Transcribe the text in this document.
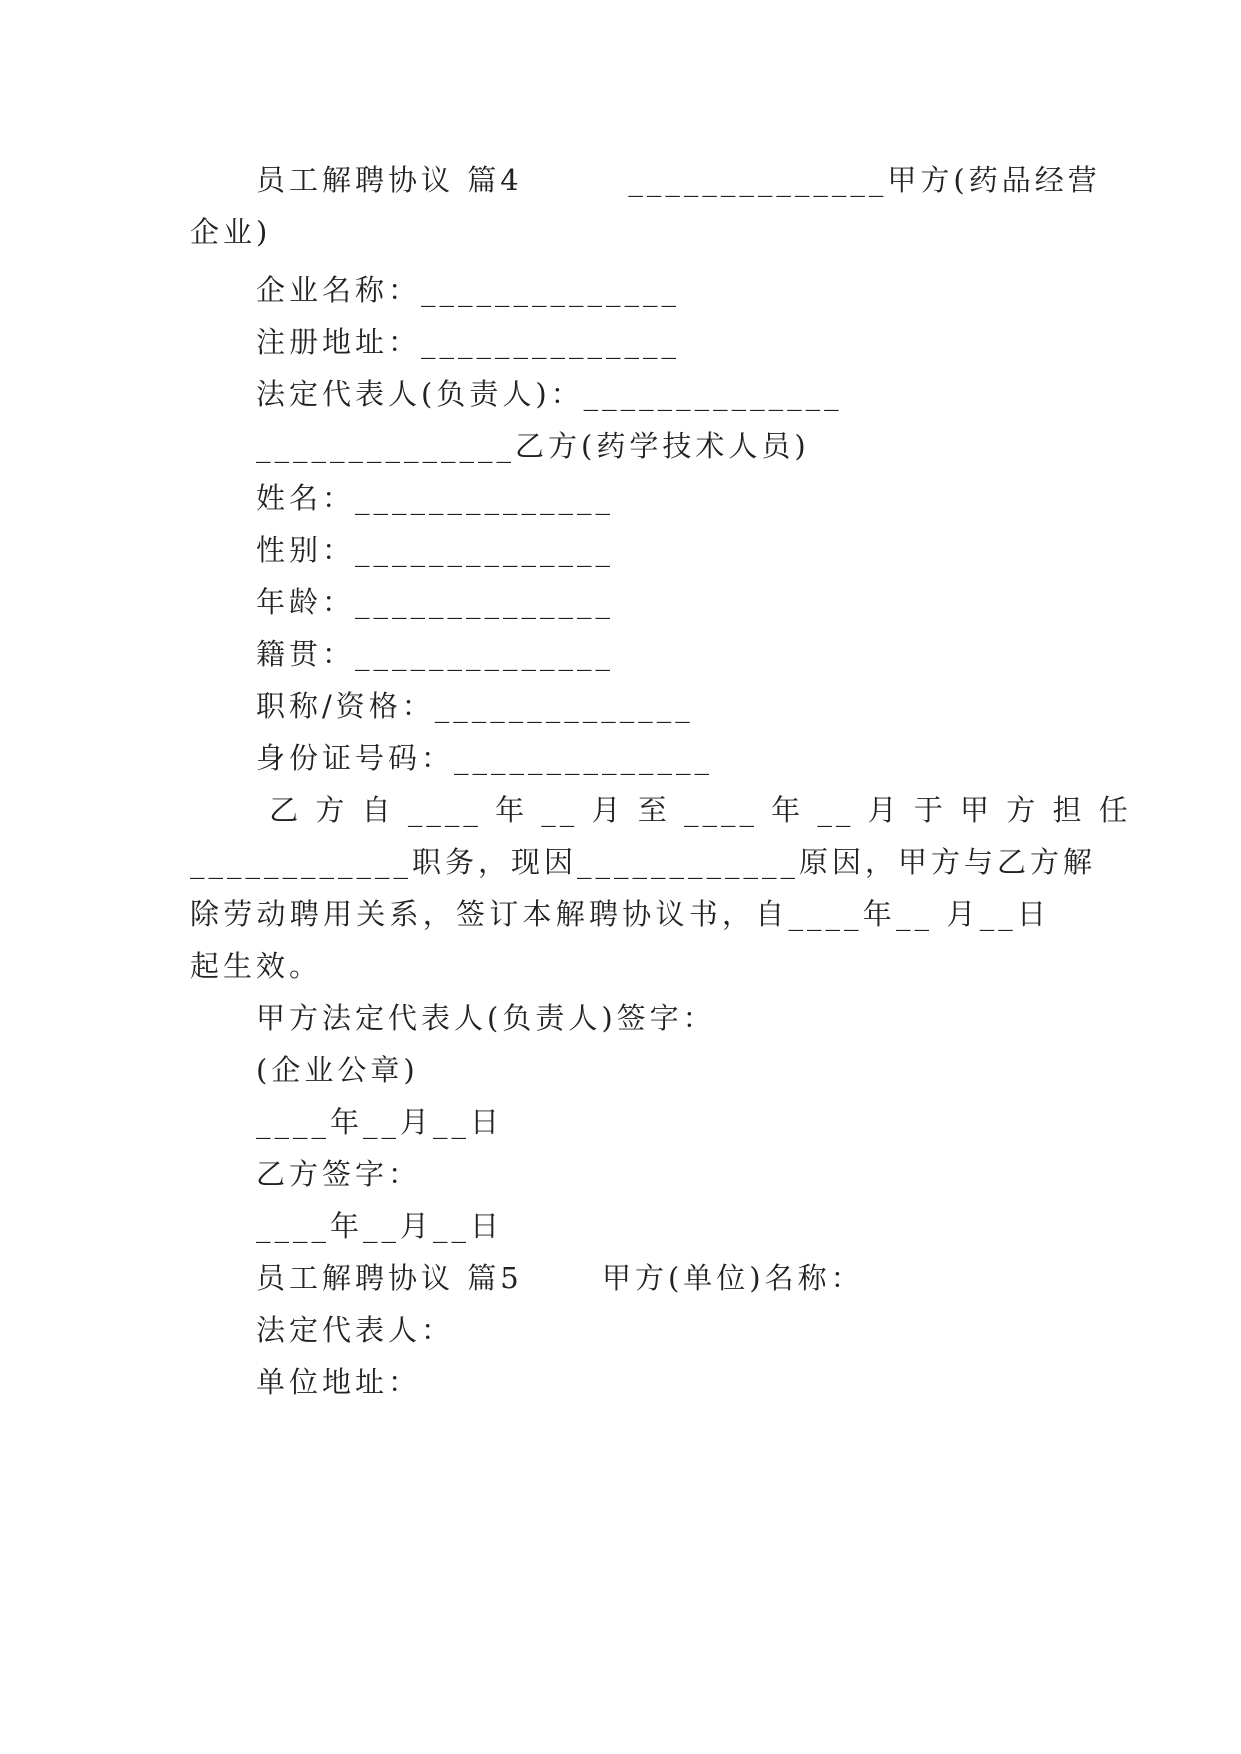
员工解聘协议 篇4        ______________甲方(药品经营
企业)
企业名称：______________
注册地址：______________
法定代表人(负责人)：______________
______________乙方(药学技术人员)
姓名：______________
性别：______________
年龄：______________
籍贯：______________
职称/资格：______________
身份证号码：______________
乙 方 自 ____ 年 __ 月 至 ____ 年 __ 月 于 甲 方 担 任
____________职务，现因____________原因，甲方与乙方解
除劳动聘用关系，签订本解聘协议书，自____年__ 月__日
起生效。
甲方法定代表人(负责人)签字：
(企业公章)
____年__月__日
乙方签字：
____年__月__日
员工解聘协议 篇5      甲方(单位)名称：
法定代表人：
单位地址：
